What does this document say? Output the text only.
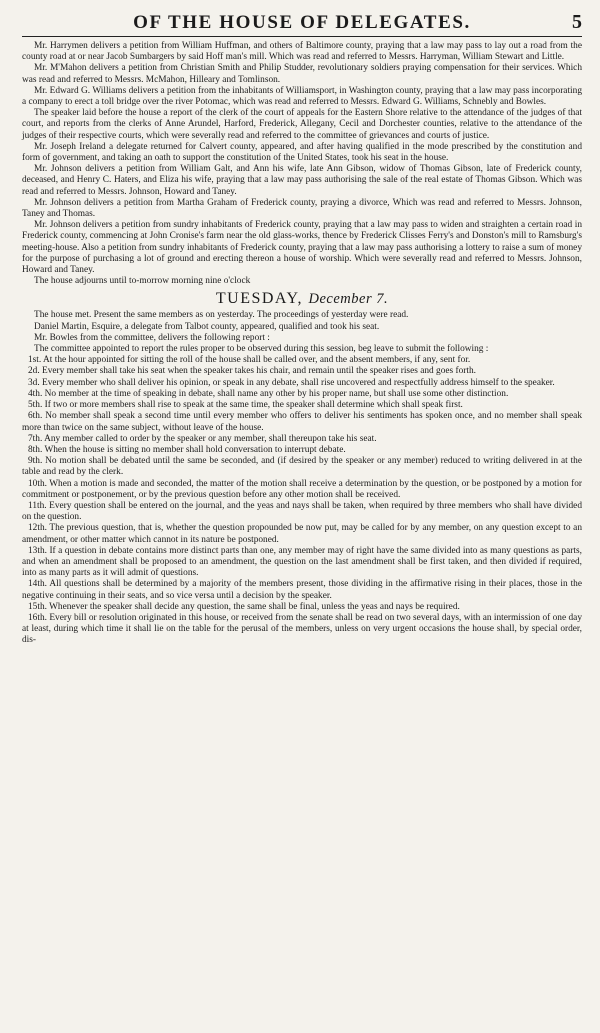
OF THE HOUSE OF DELEGATES.	5

Mr. Harrymen delivers a petition from William Huffman, and others of Baltimore county, praying that a law may pass to lay out a road from the county road at or near Jacob Sumbargers by said Hoff man's mill. Which was read and referred to Messrs. Harryman, William Stewart and Little.

Mr. M'Mahon delivers a petition from Christian Smith and Philip Studder, revolutionary soldiers praying compensation for their services. Which was read and referred to Messrs. McMahon, Hilleary and Tomlinson.

Mr. Edward G. Williams delivers a petition from the inhabitants of Williamsport, in Washington county, praying that a law may pass incorporating a company to erect a toll bridge over the river Potomac, which was read and referred to Messrs. Edward G. Williams, Schnebly and Bowles.

The speaker laid before the house a report of the clerk of the court of appeals for the Eastern Shore relative to the attendance of the judges of that court, and reports from the clerks of Anne Arundel, Harford, Frederick, Allegany, Cecil and Dorchester counties, relative to the attendance of the judges of their respective courts, which were severally read and referred to the committee of grievances and courts of justice.

Mr. Joseph Ireland a delegate returned for Calvert county, appeared, and after having qualified in the mode prescribed by the constitution and form of government, and taking an oath to support the constitution of the United States, took his seat in the house.

Mr. Johnson delivers a petition from William Galt, and Ann his wife, late Ann Gibson, widow of Thomas Gibson, late of Frederick county, deceased, and Henry C. Haters, and Eliza his wife, praying that a law may pass authorising the sale of the real estate of Thomas Gibson. Which was read and referred to Messrs. Johnson, Howard and Taney.

Mr. Johnson delivers a petition from Martha Graham of Frederick county, praying a divorce, Which was read and referred to Messrs. Johnson, Taney and Thomas.

Mr. Johnson delivers a petition from sundry inhabitants of Frederick county, praying that a law may pass to widen and straighten a certain road in Frederick county, commencing at John Cronise's farm near the old glass-works, thence by Frederick Clisses Ferry's and Donston's mill to Ramsburg's meeting-house. Also a petition from sundry inhabitants of Frederick county, praying that a law may pass authorising a lottery to raise a sum of money for the purpose of purchasing a lot of ground and erecting thereon a house of worship. Which were severally read and referred to Messrs. Johnson, Howard and Taney.

The house adjourns until to-morrow morning nine o'clock

TUESDAY, December 7.

The house met. Present the same members as on yesterday. The proceedings of yesterday were read.

Daniel Martin, Esquire, a delegate from Talbot county, appeared, qualified and took his seat.

Mr. Bowles from the committee, delivers the following report :

The committee appointed to report the rules proper to be observed during this session, beg leave to submit the following :

1st. At the hour appointed for sitting the roll of the house shall be called over, and the absent members, if any, sent for.

2d. Every member shall take his seat when the speaker takes his chair, and remain until the speaker rises and goes forth.

3d. Every member who shall deliver his opinion, or speak in any debate, shall rise uncovered and respectfully address himself to the speaker.

4th. No member at the time of speaking in debate, shall name any other by his proper name, but shall use some other distinction.

5th. If two or more members shall rise to speak at the same time, the speaker shall determine which shall speak first.

6th. No member shall speak a second time until every member who offers to deliver his sentiments has spoken once, and no member shall speak more than twice on the same subject, without leave of the house.

7th. Any member called to order by the speaker or any member, shall thereupon take his seat.

8th. When the house is sitting no member shall hold conversation to interrupt debate.

9th. No motion shall be debated until the same be seconded, and (if desired by the speaker or any member) reduced to writing delivered in at the table and read by the clerk.

10th. When a motion is made and seconded, the matter of the motion shall receive a determination by the question, or be postponed by a motion for commitment or postponement, or by the previous question before any other motion shall be received.

11th. Every question shall be entered on the journal, and the yeas and nays shall be taken, when required by three members who shall have divided on the question.

12th. The previous question, that is, whether the question propounded be now put, may be called for by any member, on any question except to an amendment, or other matter which cannot in its nature be postponed.

13th. If a question in debate contains more distinct parts than one, any member may of right have the same divided into as many questions as parts, and when an amendment shall be proposed to an amendment, the question on the last amendment shall be first taken, and then divided if required, into as many parts as it will admit of questions.

14th. All questions shall be determined by a majority of the members present, those dividing in the affirmative rising in their places, those in the negative continuing in their seats, and so vice versa until a decision by the speaker.

15th. Whenever the speaker shall decide any question, the same shall be final, unless the yeas and nays be required.

16th. Every bill or resolution originated in this house, or received from the senate shall be read on two several days, with an intermission of one day at least, during which time it shall lie on the table for the perusal of the members, unless on very urgent occasions the house shall, by special order, dis-
